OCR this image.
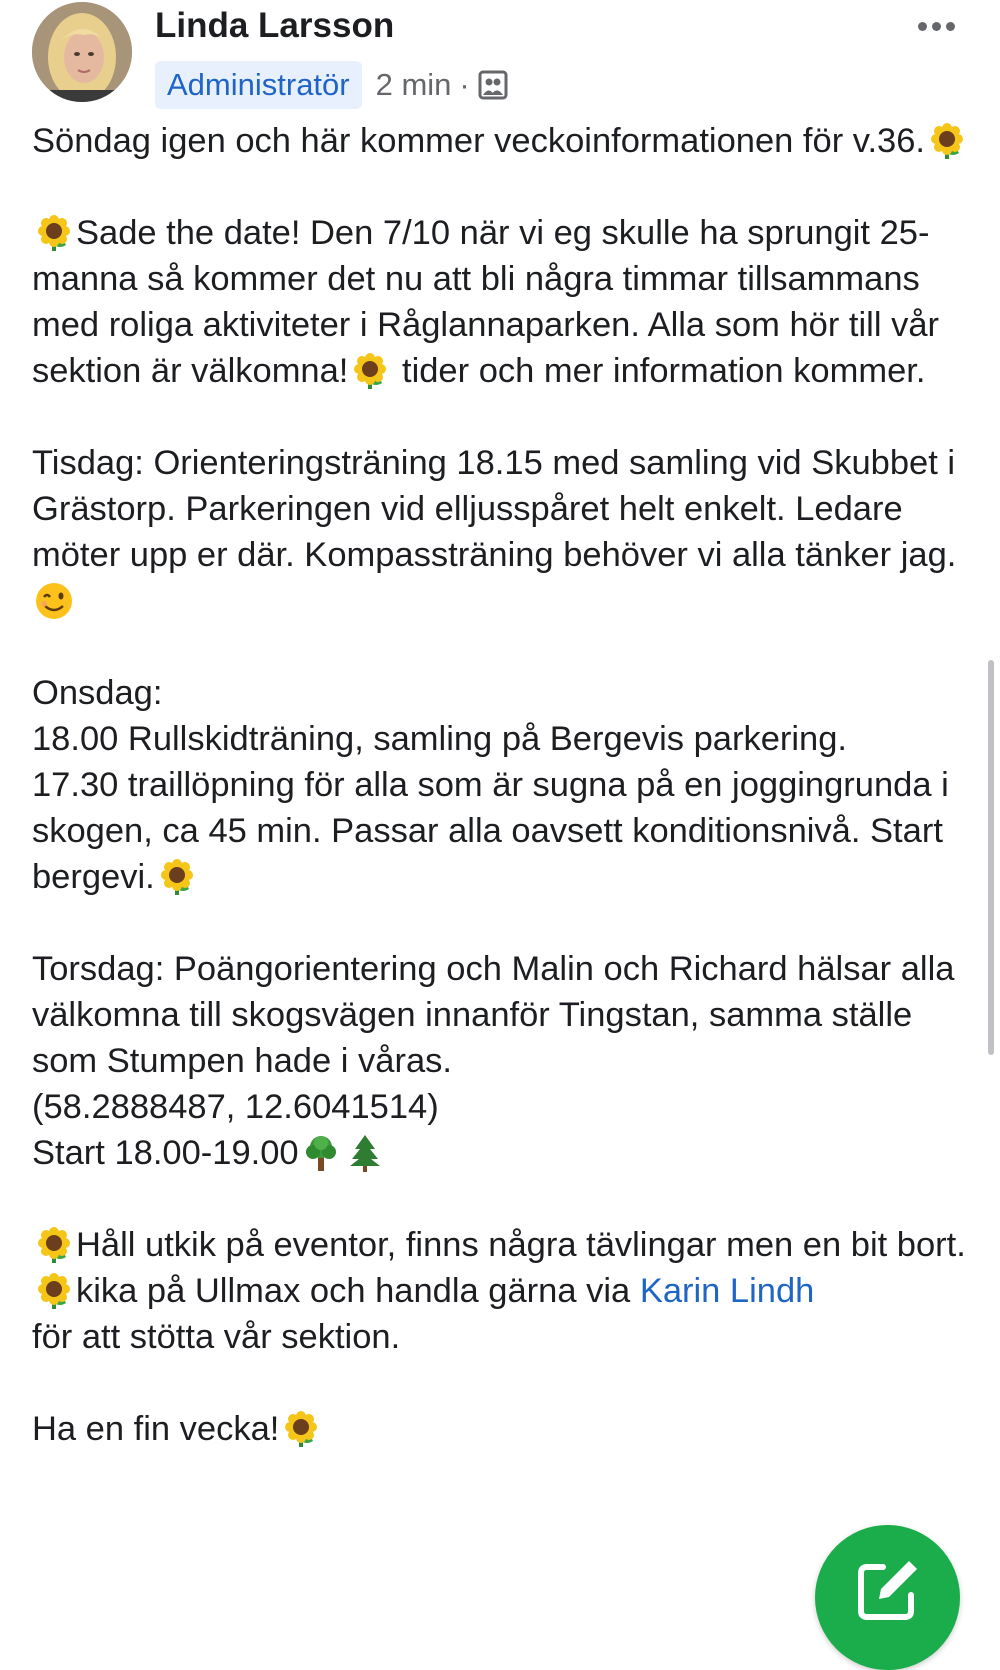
Linda Larsson
Administratör 2 min ·

Söndag igen och här kommer veckoinformationen för v.36.

Sade the date! Den 7/10 när vi eg skulle ha sprungit 25-manna så kommer det nu att bli några timmar tillsammans med roliga aktiviteter i Råglannaparken. Alla som hör till vår sektion är välkomna!
tider och mer information kommer.

Tisdag: Orienteringsträning 18.15 med samling vid Skubbet i Grästorp. Parkeringen vid elljusspåret helt enkelt. Ledare möter upp er där. Kompassträning behöver vi alla tänker jag.

Onsdag:

18.00 Rullskidträning, samling på Bergevis parkering.

17.30 traillöpning för alla som är sugna på en joggingrunda i skogen, ca 45 min. Passar alla oavsett konditionsnivå. Start bergevi.

Torsdag: Poängorientering och Malin och Richard hälsar alla välkomna till skogsvägen innanför Tingstan, samma ställe som Stumpen hade i våras.

(58.2888487, 12.6041514)

Start 18.00-19.00

Håll utkik på eventor, finns några tävlingar men en bit bort.

kika på Ullmax och handla gärna via Karin Lindh
för att stötta vår sektion.

Ha en fin vecka!
